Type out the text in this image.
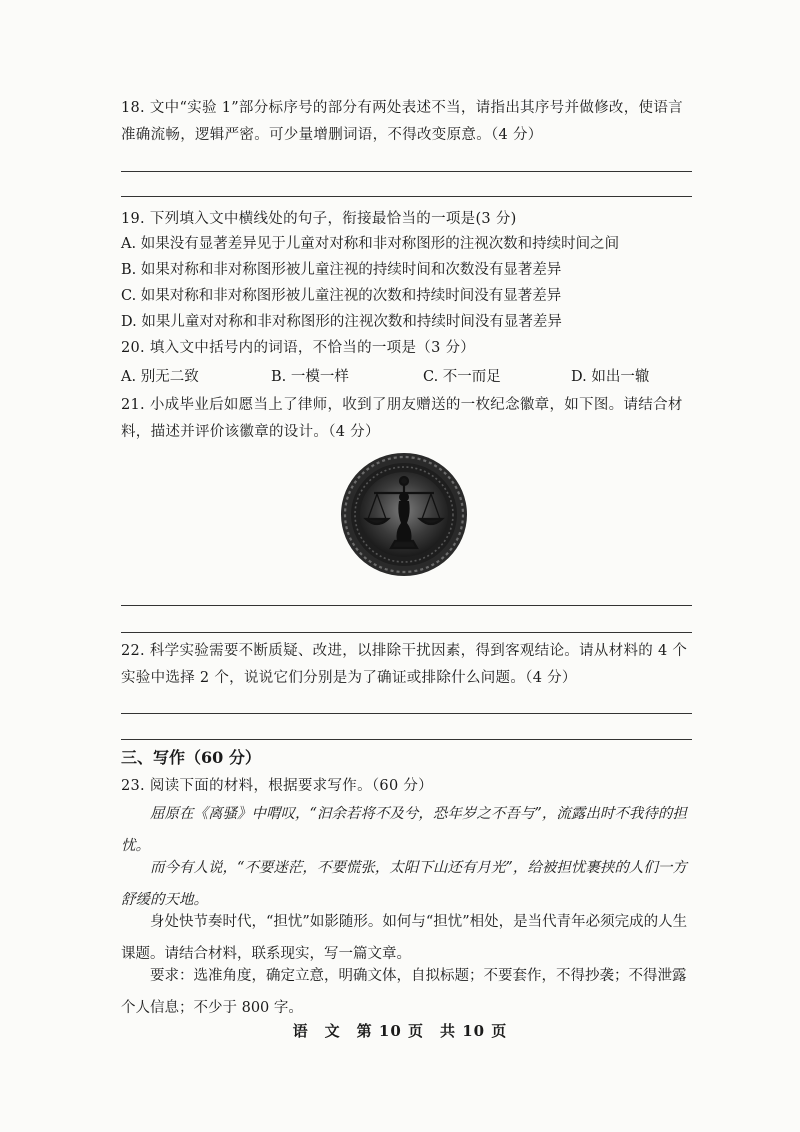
18. 文中“实验 1”部分标序号的部分有两处表述不当，请指出其序号并做修改，使语言准确流畅，逻辑严密。可少量增删词语，不得改变原意。（4 分）
19. 下列填入文中横线处的句子，衔接最恰当的一项是(3 分)
A. 如果没有显著差异见于儿童对对称和非对称图形的注视次数和持续时间之间
B. 如果对称和非对称图形被儿童注视的持续时间和次数没有显著差异
C. 如果对称和非对称图形被儿童注视的次数和持续时间没有显著差异
D. 如果儿童对对称和非对称图形的注视次数和持续时间没有显著差异
20. 填入文中括号内的词语，不恰当的一项是（3 分）
A. 别无二致	B. 一模一样	C. 不一而足	D. 如出一辙
21. 小成毕业后如愿当上了律师，收到了朋友赠送的一枚纪念徽章，如下图。请结合材料，描述并评价该徽章的设计。（4 分）
22. 科学实验需要不断质疑、改进，以排除干扰因素，得到客观结论。请从材料的 4 个实验中选择 2 个，说说它们分别是为了确证或排除什么问题。（4 分）
三、写作（60 分）
23. 阅读下面的材料，根据要求写作。（60 分）
屈原在《离骚》中喟叹，“汩余若将不及兮，恐年岁之不吾与”，流露出时不我待的担忧。
而今有人说，“不要迷茫，不要慌张，太阳下山还有月光”，给被担忧裹挟的人们一方舒缓的天地。
身处快节奏时代，“担忧”如影随形。如何与“担忧”相处，是当代青年必须完成的人生课题。请结合材料，联系现实，写一篇文章。
要求：选准角度，确定立意，明确文体，自拟标题；不要套作，不得抄袭；不得泄露个人信息；不少于 800 字。
语　文　第 10 页　共 10 页
